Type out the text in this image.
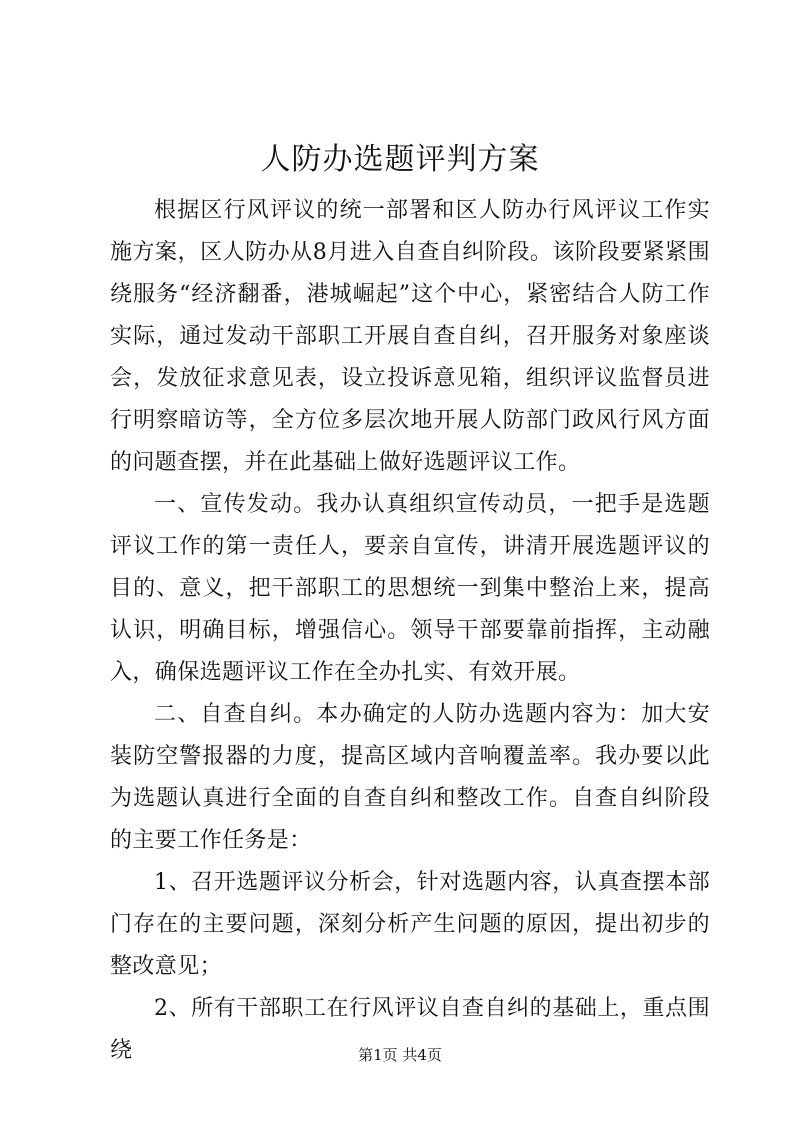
人防办选题评判方案

根据区行风评议的统一部署和区人防办行风评议工作实施方案，区人防办从8月进入自查自纠阶段。该阶段要紧紧围绕服务“经济翻番，港城崛起”这个中心，紧密结合人防工作实际，通过发动干部职工开展自查自纠，召开服务对象座谈会，发放征求意见表，设立投诉意见箱，组织评议监督员进行明察暗访等，全方位多层次地开展人防部门政风行风方面的问题查摆，并在此基础上做好选题评议工作。

一、宣传发动。我办认真组织宣传动员，一把手是选题评议工作的第一责任人，要亲自宣传，讲清开展选题评议的目的、意义，把干部职工的思想统一到集中整治上来，提高认识，明确目标，增强信心。领导干部要靠前指挥，主动融入，确保选题评议工作在全办扎实、有效开展。

二、自查自纠。本办确定的人防办选题内容为：加大安装防空警报器的力度，提高区域内音响覆盖率。我办要以此为选题认真进行全面的自查自纠和整改工作。自查自纠阶段的主要工作任务是：

1、召开选题评议分析会，针对选题内容，认真查摆本部门存在的主要问题，深刻分析产生问题的原因，提出初步的整改意见；

2、所有干部职工在行风评议自查自纠的基础上，重点围绕	第1页 共4页
